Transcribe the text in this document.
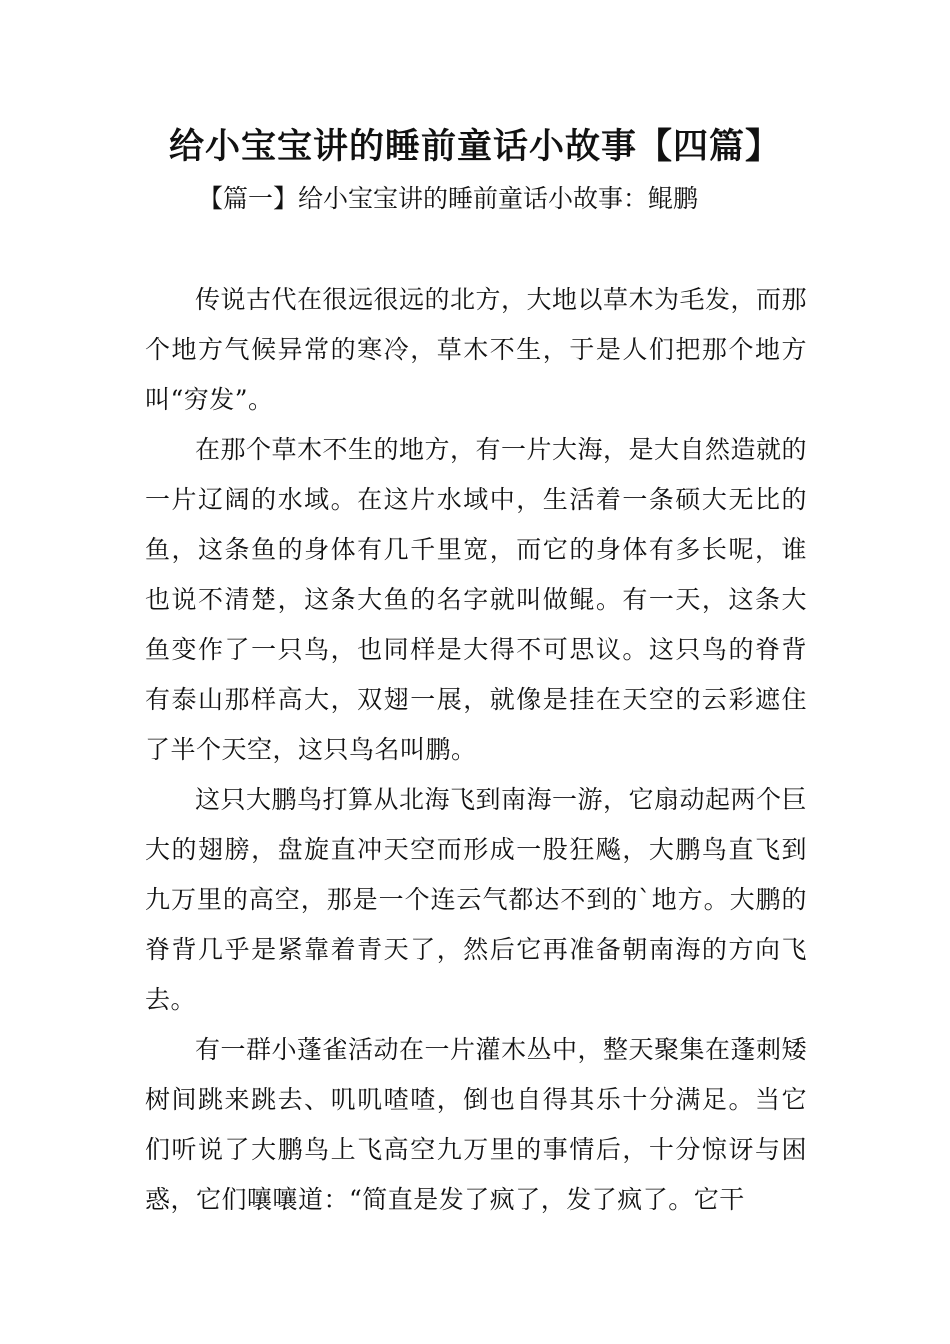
给小宝宝讲的睡前童话小故事【四篇】
【篇一】给小宝宝讲的睡前童话小故事：鲲鹏

传说古代在很远很远的北方，大地以草木为毛发，而那个地方气候异常的寒冷，草木不生，于是人们把那个地方叫“穷发”。

在那个草木不生的地方，有一片大海，是大自然造就的一片辽阔的水域。在这片水域中，生活着一条硕大无比的鱼，这条鱼的身体有几千里宽，而它的身体有多长呢，谁也说不清楚，这条大鱼的名字就叫做鲲。有一天，这条大鱼变作了一只鸟，也同样是大得不可思议。这只鸟的脊背有泰山那样高大，双翅一展，就像是挂在天空的云彩遮住了半个天空，这只鸟名叫鹏。

这只大鹏鸟打算从北海飞到南海一游，它扇动起两个巨大的翅膀，盘旋直冲天空而形成一股狂飚，大鹏鸟直飞到九万里的高空，那是一个连云气都达不到的`地方。大鹏的脊背几乎是紧靠着青天了，然后它再准备朝南海的方向飞去。

有一群小蓬雀活动在一片灌木丛中，整天聚集在蓬刺矮树间跳来跳去、叽叽喳喳，倒也自得其乐十分满足。当它们听说了大鹏鸟上飞高空九万里的事情后，十分惊讶与困惑，它们嚷嚷道：“简直是发了疯了，发了疯了。它干
